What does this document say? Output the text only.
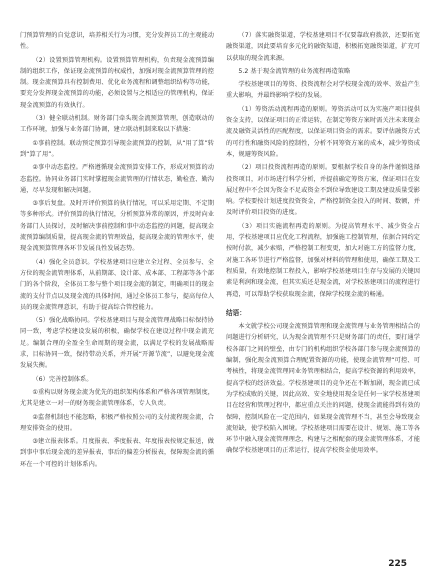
门预算管理的自觉意识，培养相关行为习惯，充分发挥员工的主观能动性。

（2）设置预算管理机构。设置预算管理机构，负责现金流预算编制的组织工作，保证现金流预算的权威性，加强对现金流预算管理的控制。现金流预算具有控制费用、优化业务流程和调整组织结构等功能，要充分发挥现金流预算的功能，必须设置与之相适应的管理机构，保证现金流预算的有效执行。

（3）健全联动机制。财务部门牵头现金流预算管理，创造联动的工作环境，加强与业务部门协调，建立联动机制来取以下措施：

①事前控制。联动预定预算引导现金流预算的控制，从“用了算”转到“算了用”。

②事中动态监控。严格遵循现金流预算安排工作，形成对预算的动态监控。协同业务部门实时掌握现金流管理的行情状态，勤检查、勤沟通，尽早发现和解决问题。

③事后复盘。及时开评价预算的执行情况，可以采用定期、不定期等多种形式。评价预算的执行情况，分析预算异常的原因，并及时向业务部门人员探讨，及时解决事前控制和事中动态监控的问题，提高现金流预算编制质量，提高现金流的管理效益，提高现金流的管理水平，使现金流预算管理各环节发展良性发展态势。

（4）强化全员意识。学校基建项目应建立全过程、全员参与、全方位的现金流管理体系，从前期部、设计部、成本部、工程部等各个部门的各个阶段，全体员工参与整个项目现金流的制定，明确项目的现金流的支付节点以及现金流的具体时间，通过全体员工参与，提高每位人员的现金流管理意识，有助于提高综合管控能力。

（5）强化战略协同。学校基建项目与现金流管理战略目标保持协同一致，考虑学校建设发展的积极，确保学校在建设过程中现金流充足。编制合理的全盈全生命周期的现金流，以满足学校的发展战略需求，目标协同一致，保持带动关系，并开展“开源节流”，以避免现金流发展失衡。

（6）完善控制体系。

①重构以财务现金流为优先的组织架构体系和严格各项管理制度，尤其是建立一对一的财务现金流管理体系，专人负责。

②监督机制也不能忽略，积极严格按照公司的支付流程现金流，合理安排资金的使用。

③建立报表体系。月度报表、季度报表、年度报表按规定报送，做到事中事后现金流的差异报表，事后的偏差分析报表，保障现金流的循环在一个可控的计划体系内。

（7）落实融资渠道，学校基建项目不仅要靠政府拨款，还要拓宽融资渠道，因此要培育多元化的融资渠道，积极拓宽融资渠道，扩充可以获取的现金流来源。

5.2 基于现金流管理的业务流程再造策略

学校基建项目的筹资、投资流程会对学校现金流的效率、效益产生重大影响，并最终影响学校的发展。

（1）筹资活动流程再造的原则。筹资活动可以为实施产项目提供资金支持，以保证项目的正常运转，在制定筹资方案时需关注未来现金流及融资灵活性的匹配程度，以保证项目资金的需求。要评估融资方式的可行性和融资风险的控制性，分析不同筹资方案的成本，减少筹资成本，规避筹资风险。

（2）项目投资流程再造的原则。要根据学校自身的条件谨慎选择投资项目，对市场进行科学分析，并提前确定筹资方案，保证项目在发展过程中不会因为资金不足或资金不到位导致建设工期及建设质量受影响。学校要按计划进度投资资金，严格控制资金投入的时间、数额，并及时评价项目投资的进度。

（3）项目实施流程再造的原则。为提高管理水平、减少资金占用，学校基建项目应优化工程流程，加强施工控制管理，依据合同约定按时付款，减少索赔，严格控制工程变更，加大对施工方的监督力度，对施工各环节进行严格监督，加强对材料的管理和使用，确保工期及工程质量，有效地控制工程投入，影响学校基建项目生存与发展的关键因素是利润和现金流，但其实质还是现金流，对学校基建项目的流程进行再造，可以帮助学校获取现金流，保障学校现金流的畅通。

结语：

本文就学校公司现金流预算管理和现金流管理与业务管理相结合的问题进行分析研究，认为现金流管理不只是财务部门的责任，要打通学校各部门之间的壁垒，由专门的机构组织学校各部门参与现金流预算的编制，强化现金流预算合理配置资源的功能，使现金流管理“可控、可考核性，将现金流管理同业务管理相结合，提高学校资源的利用效率，提高学校的经济效益。学校基建项目的竞争还在不断加剧，现金流已成为学校成败的关键，因此高效、安全地使用现金是任何一家学校基建项目在经营和管理过程中，都应重点关注的问题，使现金流能得到有效的保障，控制风险在一定范围内，如果现金流管理不当，甚至会导致现金流短缺，使学校陷入困境。学校基建项目需要在设计、规划、施工等各环节中融入现金流管理理念，构建与之相配套的现金流管理体系，才能确保学校基建项目的正常运行，提高学校资金使用效率。

225
